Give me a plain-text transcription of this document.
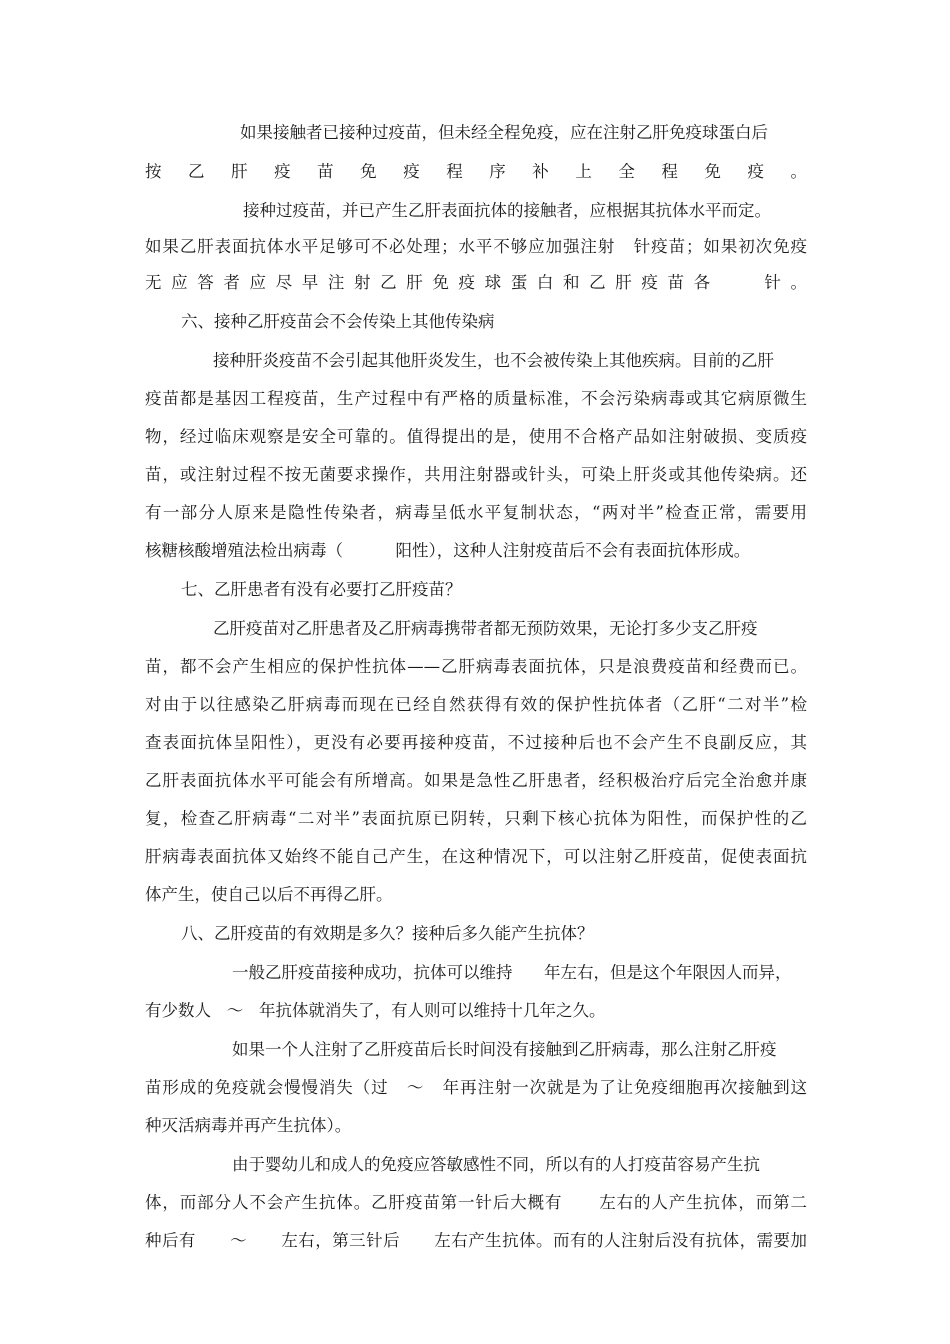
如果接触者已接种过疫苗，但未经全程免疫，应在注射乙肝免疫球蛋白后
按乙肝疫苗免疫程序补上全程免疫。
接种过疫苗，并已产生乙肝表面抗体的接触者，应根据其抗体水平而定。
如果乙肝表面抗体水平足够可不必处理；水平不够应加强注射   针疫苗；如果初次免疫
无应答者应尽早注射乙肝免疫球蛋白和乙肝疫苗各   针。
六、接种乙肝疫苗会不会传染上其他传染病
接种肝炎疫苗不会引起其他肝炎发生，也不会被传染上其他疾病。目前的乙肝
疫苗都是基因工程疫苗，生产过程中有严格的质量标准，不会污染病毒或其它病原微生
物，经过临床观察是安全可靠的。值得提出的是，使用不合格产品如注射破损、变质疫
苗，或注射过程不按无菌要求操作，共用注射器或针头，可染上肝炎或其他传染病。还
有一部分人原来是隐性传染者，病毒呈低水平复制状态，“两对半”检查正常，需要用
核糖核酸增殖法检出病毒（          阳性），这种人注射疫苗后不会有表面抗体形成。
七、乙肝患者有没有必要打乙肝疫苗？
乙肝疫苗对乙肝患者及乙肝病毒携带者都无预防效果，无论打多少支乙肝疫
苗，都不会产生相应的保护性抗体——乙肝病毒表面抗体，只是浪费疫苗和经费而已。
对由于以往感染乙肝病毒而现在已经自然获得有效的保护性抗体者（乙肝“二对半”检
查表面抗体呈阳性），更没有必要再接种疫苗，不过接种后也不会产生不良副反应，其
乙肝表面抗体水平可能会有所增高。如果是急性乙肝患者，经积极治疗后完全治愈并康
复，检查乙肝病毒“二对半”表面抗原已阴转，只剩下核心抗体为阳性，而保护性的乙
肝病毒表面抗体又始终不能自己产生，在这种情况下，可以注射乙肝疫苗，促使表面抗
体产生，使自己以后不再得乙肝。
八、乙肝疫苗的有效期是多久？接种后多久能产生抗体？
一般乙肝疫苗接种成功，抗体可以维持      年左右，但是这个年限因人而异，
有少数人   ～   年抗体就消失了，有人则可以维持十几年之久。
如果一个人注射了乙肝疫苗后长时间没有接触到乙肝病毒，那么注射乙肝疫
苗形成的免疫就会慢慢消失（过   ～   年再注射一次就是为了让免疫细胞再次接触到这
种灭活病毒并再产生抗体）。
由于婴幼儿和成人的免疫应答敏感性不同，所以有的人打疫苗容易产生抗
体，而部分人不会产生抗体。乙肝疫苗第一针后大概有      左右的人产生抗体，而第二
种后有      ～      左右，第三针后      左右产生抗体。而有的人注射后没有抗体，需要加
